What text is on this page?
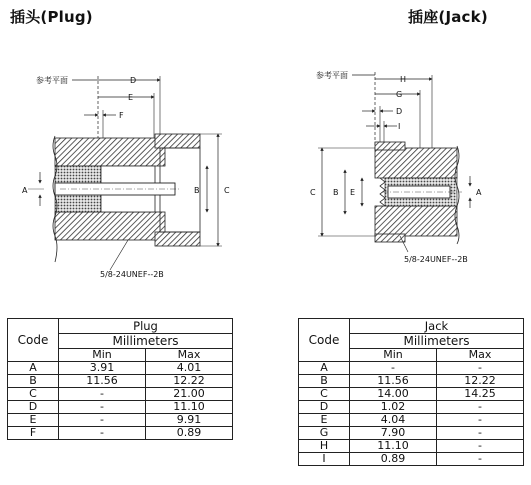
插头(Plug)	插座(Jack)
参考平面	D
E
F
A	B	C
5/8-24UNEF--2B
参考平面	H
G
D
I
A
C B E
5/8-24UNEF--2B
Code	Plug	
	Millimeters	
	Min	Max
A	3.91	4.01
B	11.56	12.22
C	-	21.00
D	-	11.10
E	-	9.91
F	-	0.89
Code	Jack	
	Millimeters	
	Min	Max
A	-	-
B	11.56	12.22
C	14.00	14.25
D	1.02	-
E	4.04	-
G	7.90	-
H	11.10	-
I	0.89	-
